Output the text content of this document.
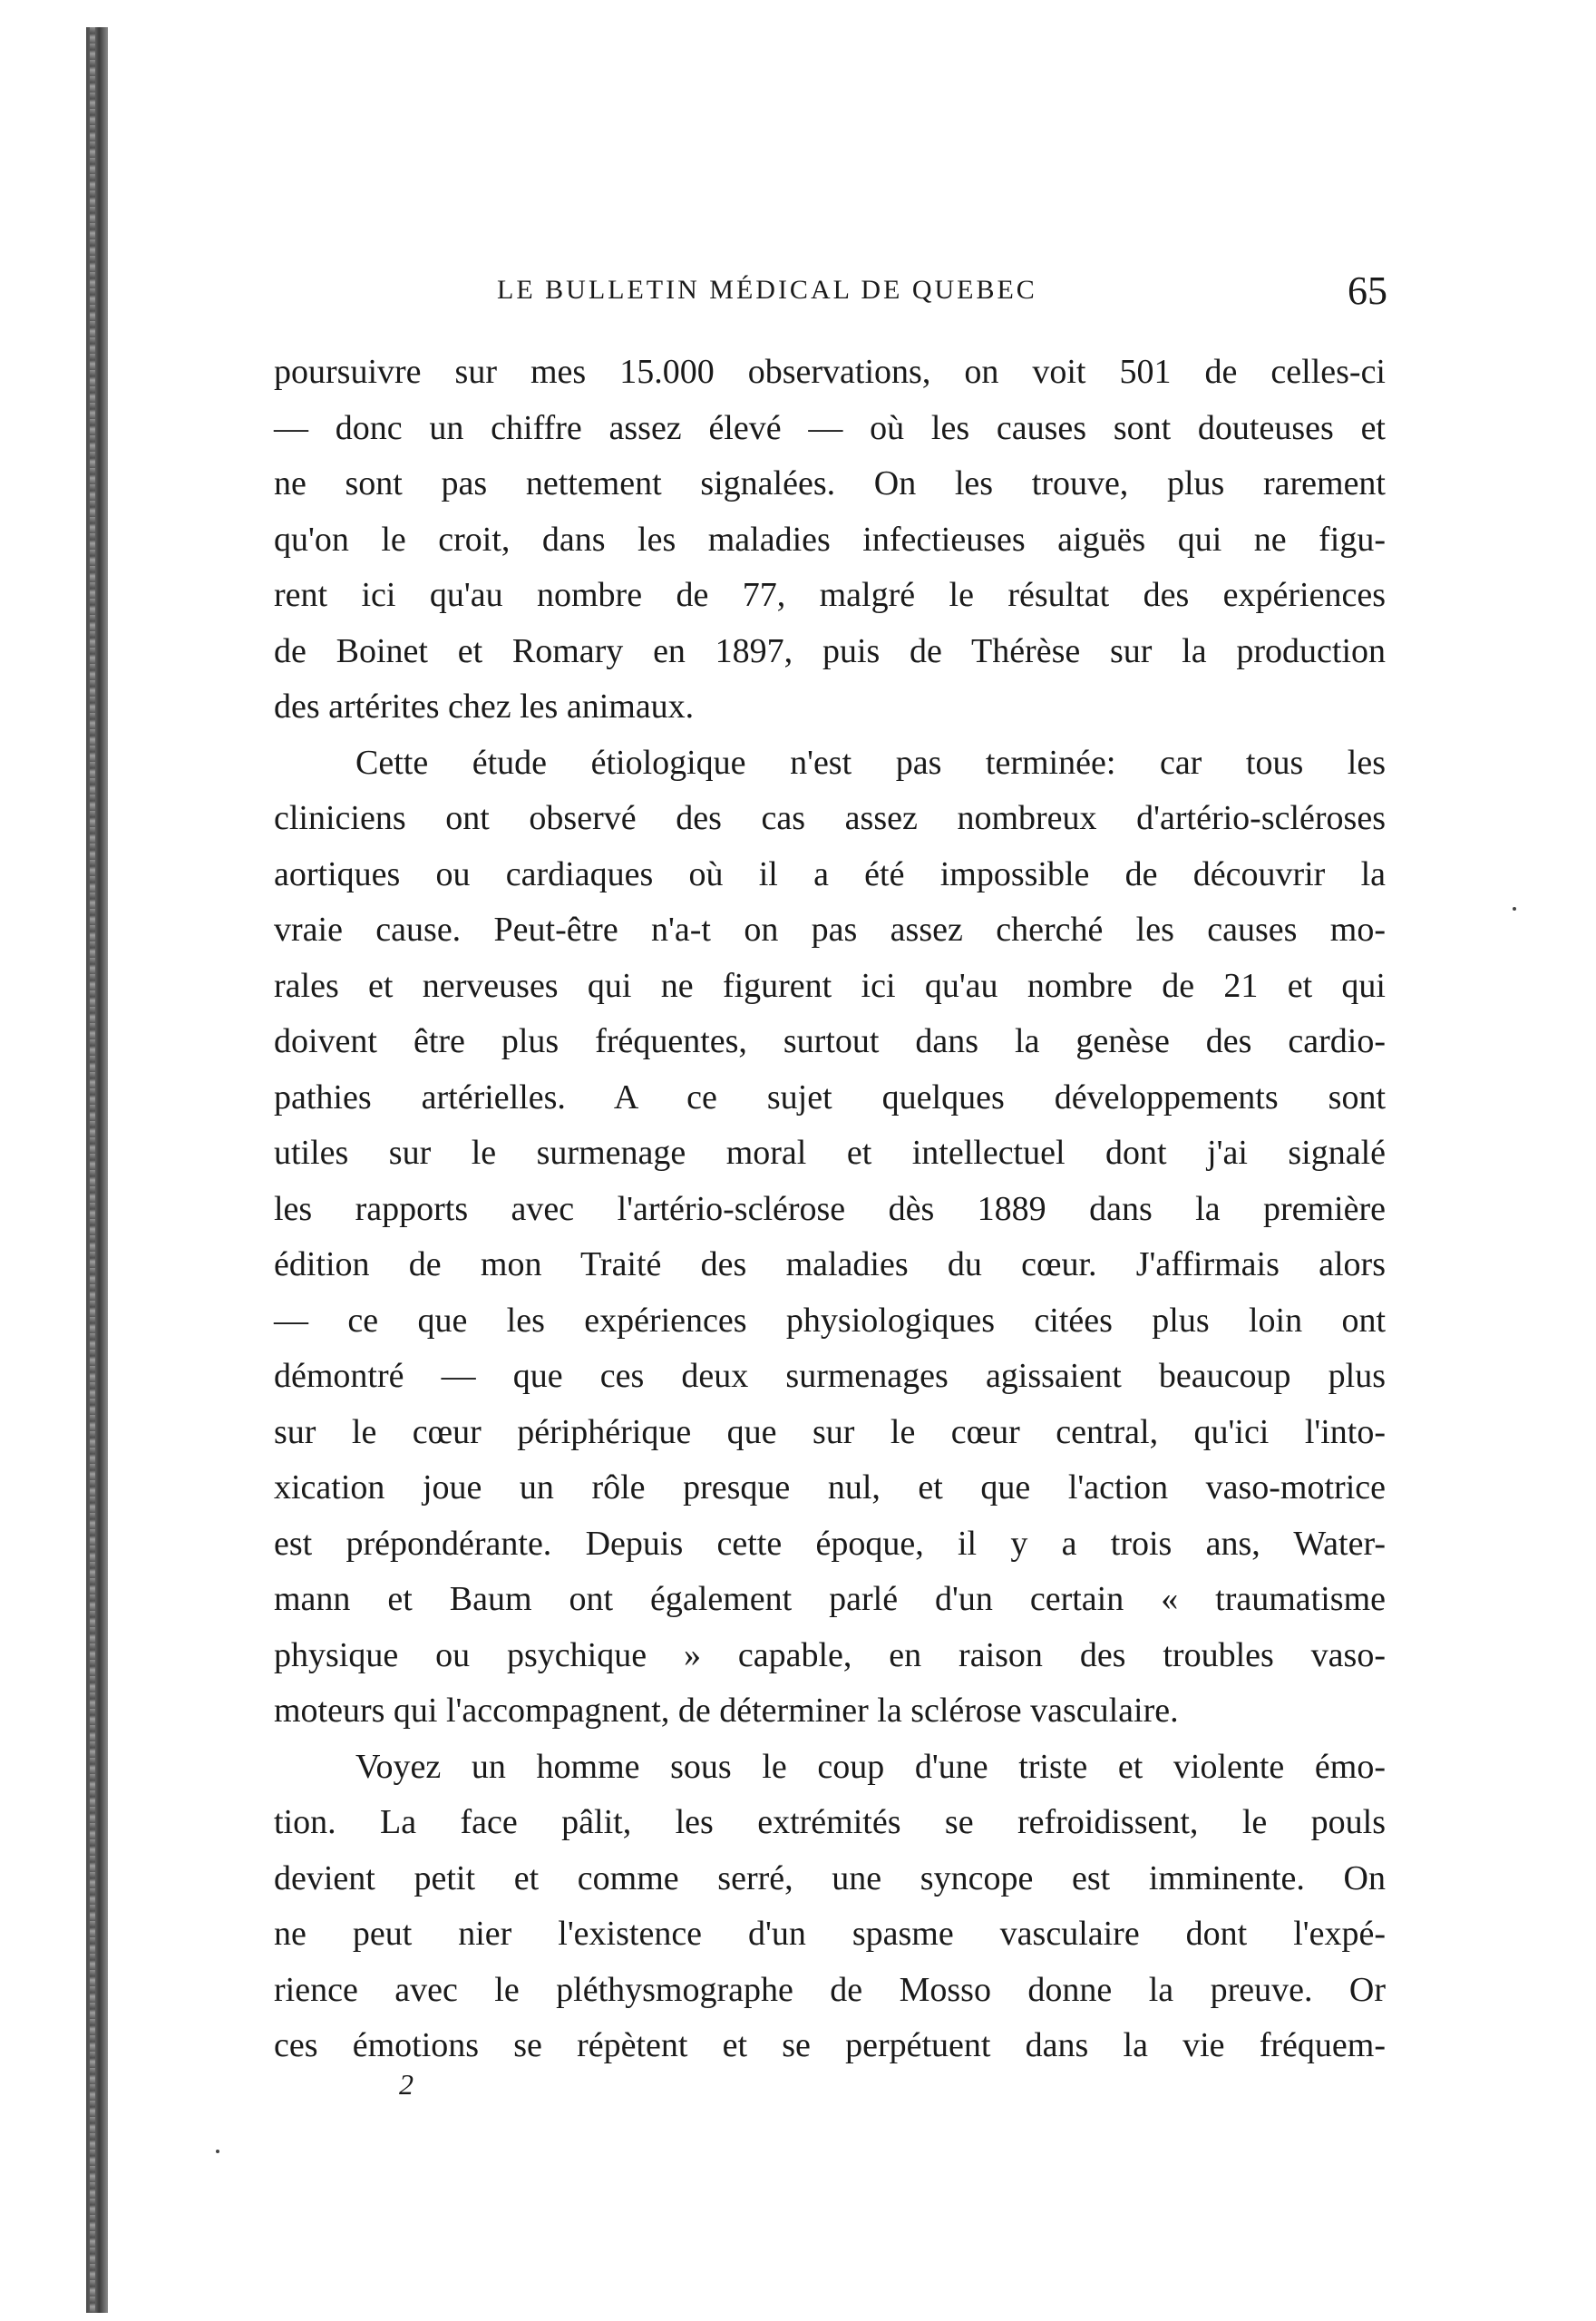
LE BULLETIN MÉDICAL DE QUEBEC	65

poursuivre sur mes 15.000 observations, on voit 501 de celles-ci

— donc un chiffre assez élevé — où les causes sont douteuses et

ne sont pas nettement signalées. On les trouve, plus rarement

qu'on le croit, dans les maladies infectieuses aiguës qui ne figu-

rent ici qu'au nombre de 77, malgré le résultat des expériences

de Boinet et Romary en 1897, puis de Thérèse sur la production

des artérites chez les animaux.

Cette étude étiologique n'est pas terminée: car tous les

cliniciens ont observé des cas assez nombreux d'artério-scléroses

aortiques ou cardiaques où il a été impossible de découvrir la

vraie cause. Peut-être n'a-t on pas assez cherché les causes mo-

rales et nerveuses qui ne figurent ici qu'au nombre de 21 et qui

doivent être plus fréquentes, surtout dans la genèse des cardio-

pathies artérielles. A ce sujet quelques développements sont

utiles sur le surmenage moral et intellectuel dont j'ai signalé

les rapports avec l'artério-sclérose dès 1889 dans la première

édition de mon Traité des maladies du cœur. J'affirmais alors

— ce que les expériences physiologiques citées plus loin ont

démontré — que ces deux surmenages agissaient beaucoup plus

sur le cœur périphérique que sur le cœur central, qu'ici l'into-

xication joue un rôle presque nul, et que l'action vaso-motrice

est prépondérante. Depuis cette époque, il y a trois ans, Water-

mann et Baum ont également parlé d'un certain « traumatisme

physique ou psychique » capable, en raison des troubles vaso-

moteurs qui l'accompagnent, de déterminer la sclérose vasculaire.

Voyez un homme sous le coup d'une triste et violente émo-

tion. La face pâlit, les extrémités se refroidissent, le pouls

devient petit et comme serré, une syncope est imminente. On

ne peut nier l'existence d'un spasme vasculaire dont l'expé-

rience avec le pléthysmographe de Mosso donne la preuve. Or

ces émotions se répètent et se perpétuent dans la vie fréquem-

2
